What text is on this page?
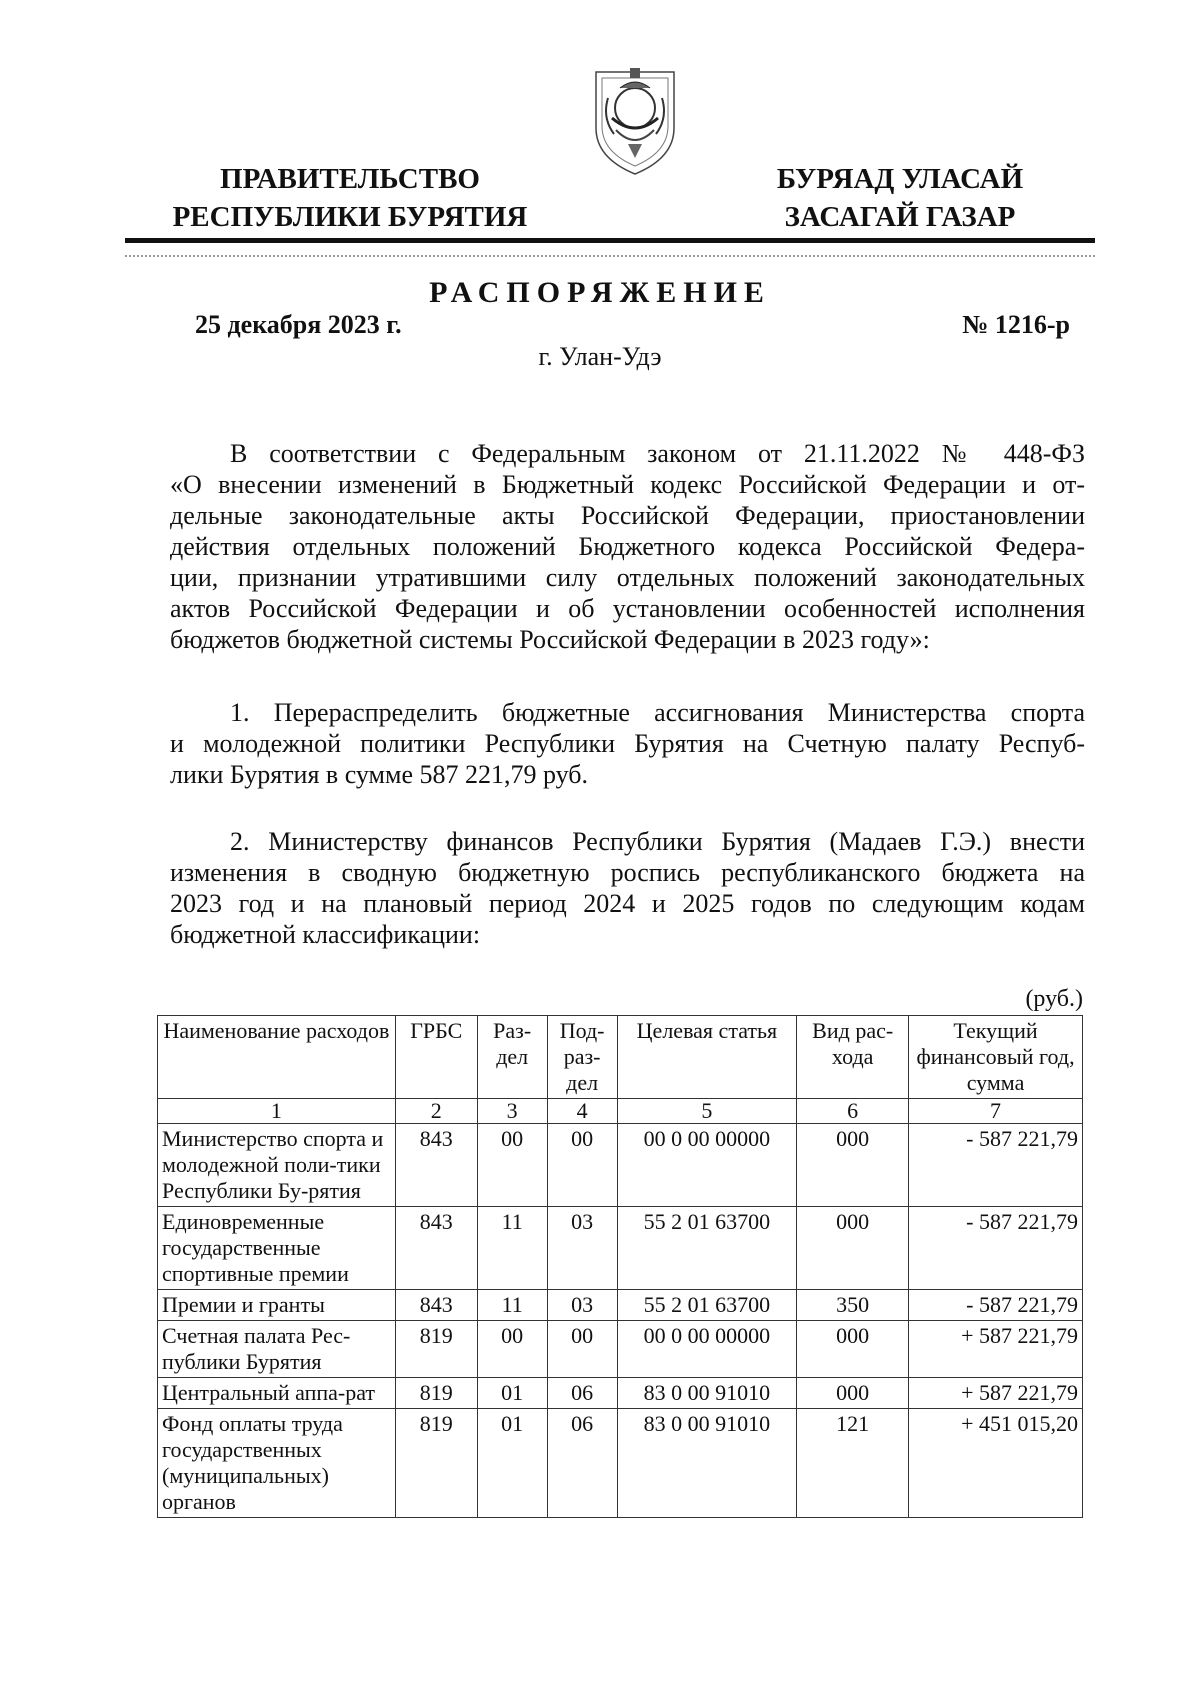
ПРАВИТЕЛЬСТВО
РЕСПУБЛИКИ БУРЯТИЯ
БУРЯАД УЛАСАЙ
ЗАСАГАЙ ГАЗАР
РАСПОРЯЖЕНИЕ
25 декабря 2023 г.	№ 1216-р
г. Улан-Удэ
В соответствии с Федеральным законом от 21.11.2022 № 448-ФЗ
«О внесении изменений в Бюджетный кодекс Российской Федерации и от-
дельные законодательные акты Российской Федерации, приостановлении
действия отдельных положений Бюджетного кодекса Российской Федера-
ции, признании утратившими силу отдельных положений законодательных
актов Российской Федерации и об установлении особенностей исполнения
бюджетов бюджетной системы Российской Федерации в 2023 году»:
1. Перераспределить бюджетные ассигнования Министерства спорта
и молодежной политики Республики Бурятия на Счетную палату Респуб-
лики Бурятия в сумме 587 221,79 руб.
2. Министерству финансов Республики Бурятия (Мадаев Г.Э.) внести
изменения в сводную бюджетную роспись республиканского бюджета на
2023 год и на плановый период 2024 и 2025 годов по следующим кодам
бюджетной классификации:
(руб.)
Наименование расходов	ГРБС	Раз-дел	Под-раз-дел	Целевая статья	Вид рас-хода	Текущий финансовый год, сумма
1	2	3	4	5	6	7
Министерство спорта и молодежной поли-тики Республики Бу-рятия	843	00	00	00 0 00 00000	000	- 587 221,79
Единовременные государственные спортивные премии	843	11	03	55 2 01 63700	000	- 587 221,79
Премии и гранты	843	11	03	55 2 01 63700	350	- 587 221,79
Счетная палата Рес-публики Бурятия	819	00	00	00 0 00 00000	000	+ 587 221,79
Центральный аппа-рат	819	01	06	83 0 00 91010	000	+ 587 221,79
Фонд оплаты труда государственных (муниципальных) органов	819	01	06	83 0 00 91010	121	+ 451 015,20
